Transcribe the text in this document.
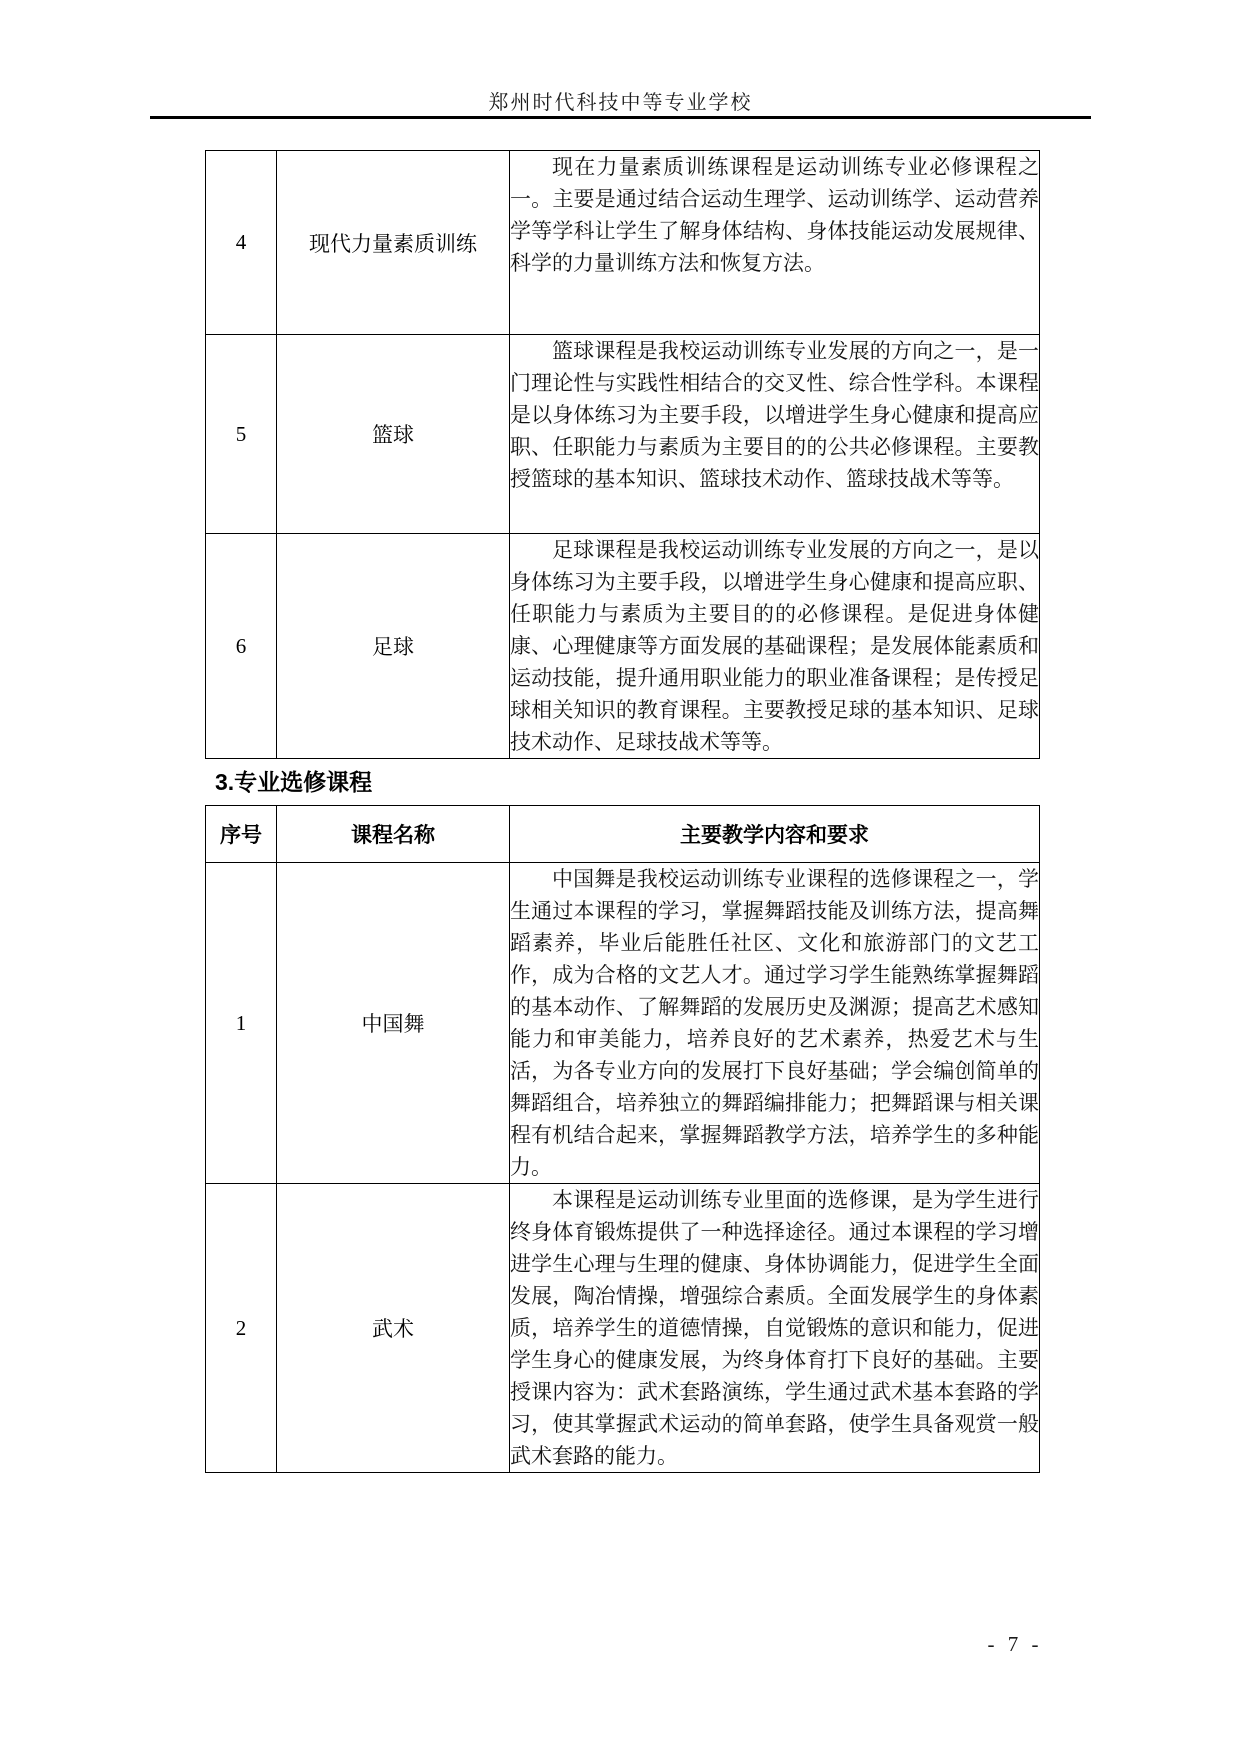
郑州时代科技中等专业学校
4	现代力量素质训练	现在力量素质训练课程是运动训练专业必修课程之一。主要是通过结合运动生理学、运动训练学、运动营养学等学科让学生了解身体结构、身体技能运动发展规律、科学的力量训练方法和恢复方法。

5	篮球	篮球课程是我校运动训练专业发展的方向之一，是一门理论性与实践性相结合的交叉性、综合性学科。本课程是以身体练习为主要手段，以增进学生身心健康和提高应职、任职能力与素质为主要目的的公共必修课程。主要教授篮球的基本知识、篮球技术动作、篮球技战术等等。

6	足球	足球课程是我校运动训练专业发展的方向之一，是以身体练习为主要手段，以增进学生身心健康和提高应职、任职能力与素质为主要目的的必修课程。是促进身体健康、心理健康等方面发展的基础课程；是发展体能素质和运动技能，提升通用职业能力的职业准备课程；是传授足球相关知识的教育课程。主要教授足球的基本知识、足球技术动作、足球技战术等等。

3.专业选修课程
序号	课程名称	主要教学内容和要求
1	中国舞	中国舞是我校运动训练专业课程的选修课程之一，学生通过本课程的学习，掌握舞蹈技能及训练方法，提高舞蹈素养，毕业后能胜任社区、文化和旅游部门的文艺工作，成为合格的文艺人才。通过学习学生能熟练掌握舞蹈的基本动作、了解舞蹈的发展历史及渊源；提高艺术感知能力和审美能力，培养良好的艺术素养，热爱艺术与生活，为各专业方向的发展打下良好基础；学会编创简单的舞蹈组合，培养独立的舞蹈编排能力；把舞蹈课与相关课程有机结合起来，掌握舞蹈教学方法，培养学生的多种能力。

2	武术	本课程是运动训练专业里面的选修课，是为学生进行终身体育锻炼提供了一种选择途径。通过本课程的学习增进学生心理与生理的健康、身体协调能力，促进学生全面发展，陶冶情操，增强综合素质。全面发展学生的身体素质，培养学生的道德情操，自觉锻炼的意识和能力，促进学生身心的健康发展，为终身体育打下良好的基础。主要授课内容为：武术套路演练，学生通过武术基本套路的学习，使其掌握武术运动的简单套路，使学生具备观赏一般武术套路的能力。

- 7 -
